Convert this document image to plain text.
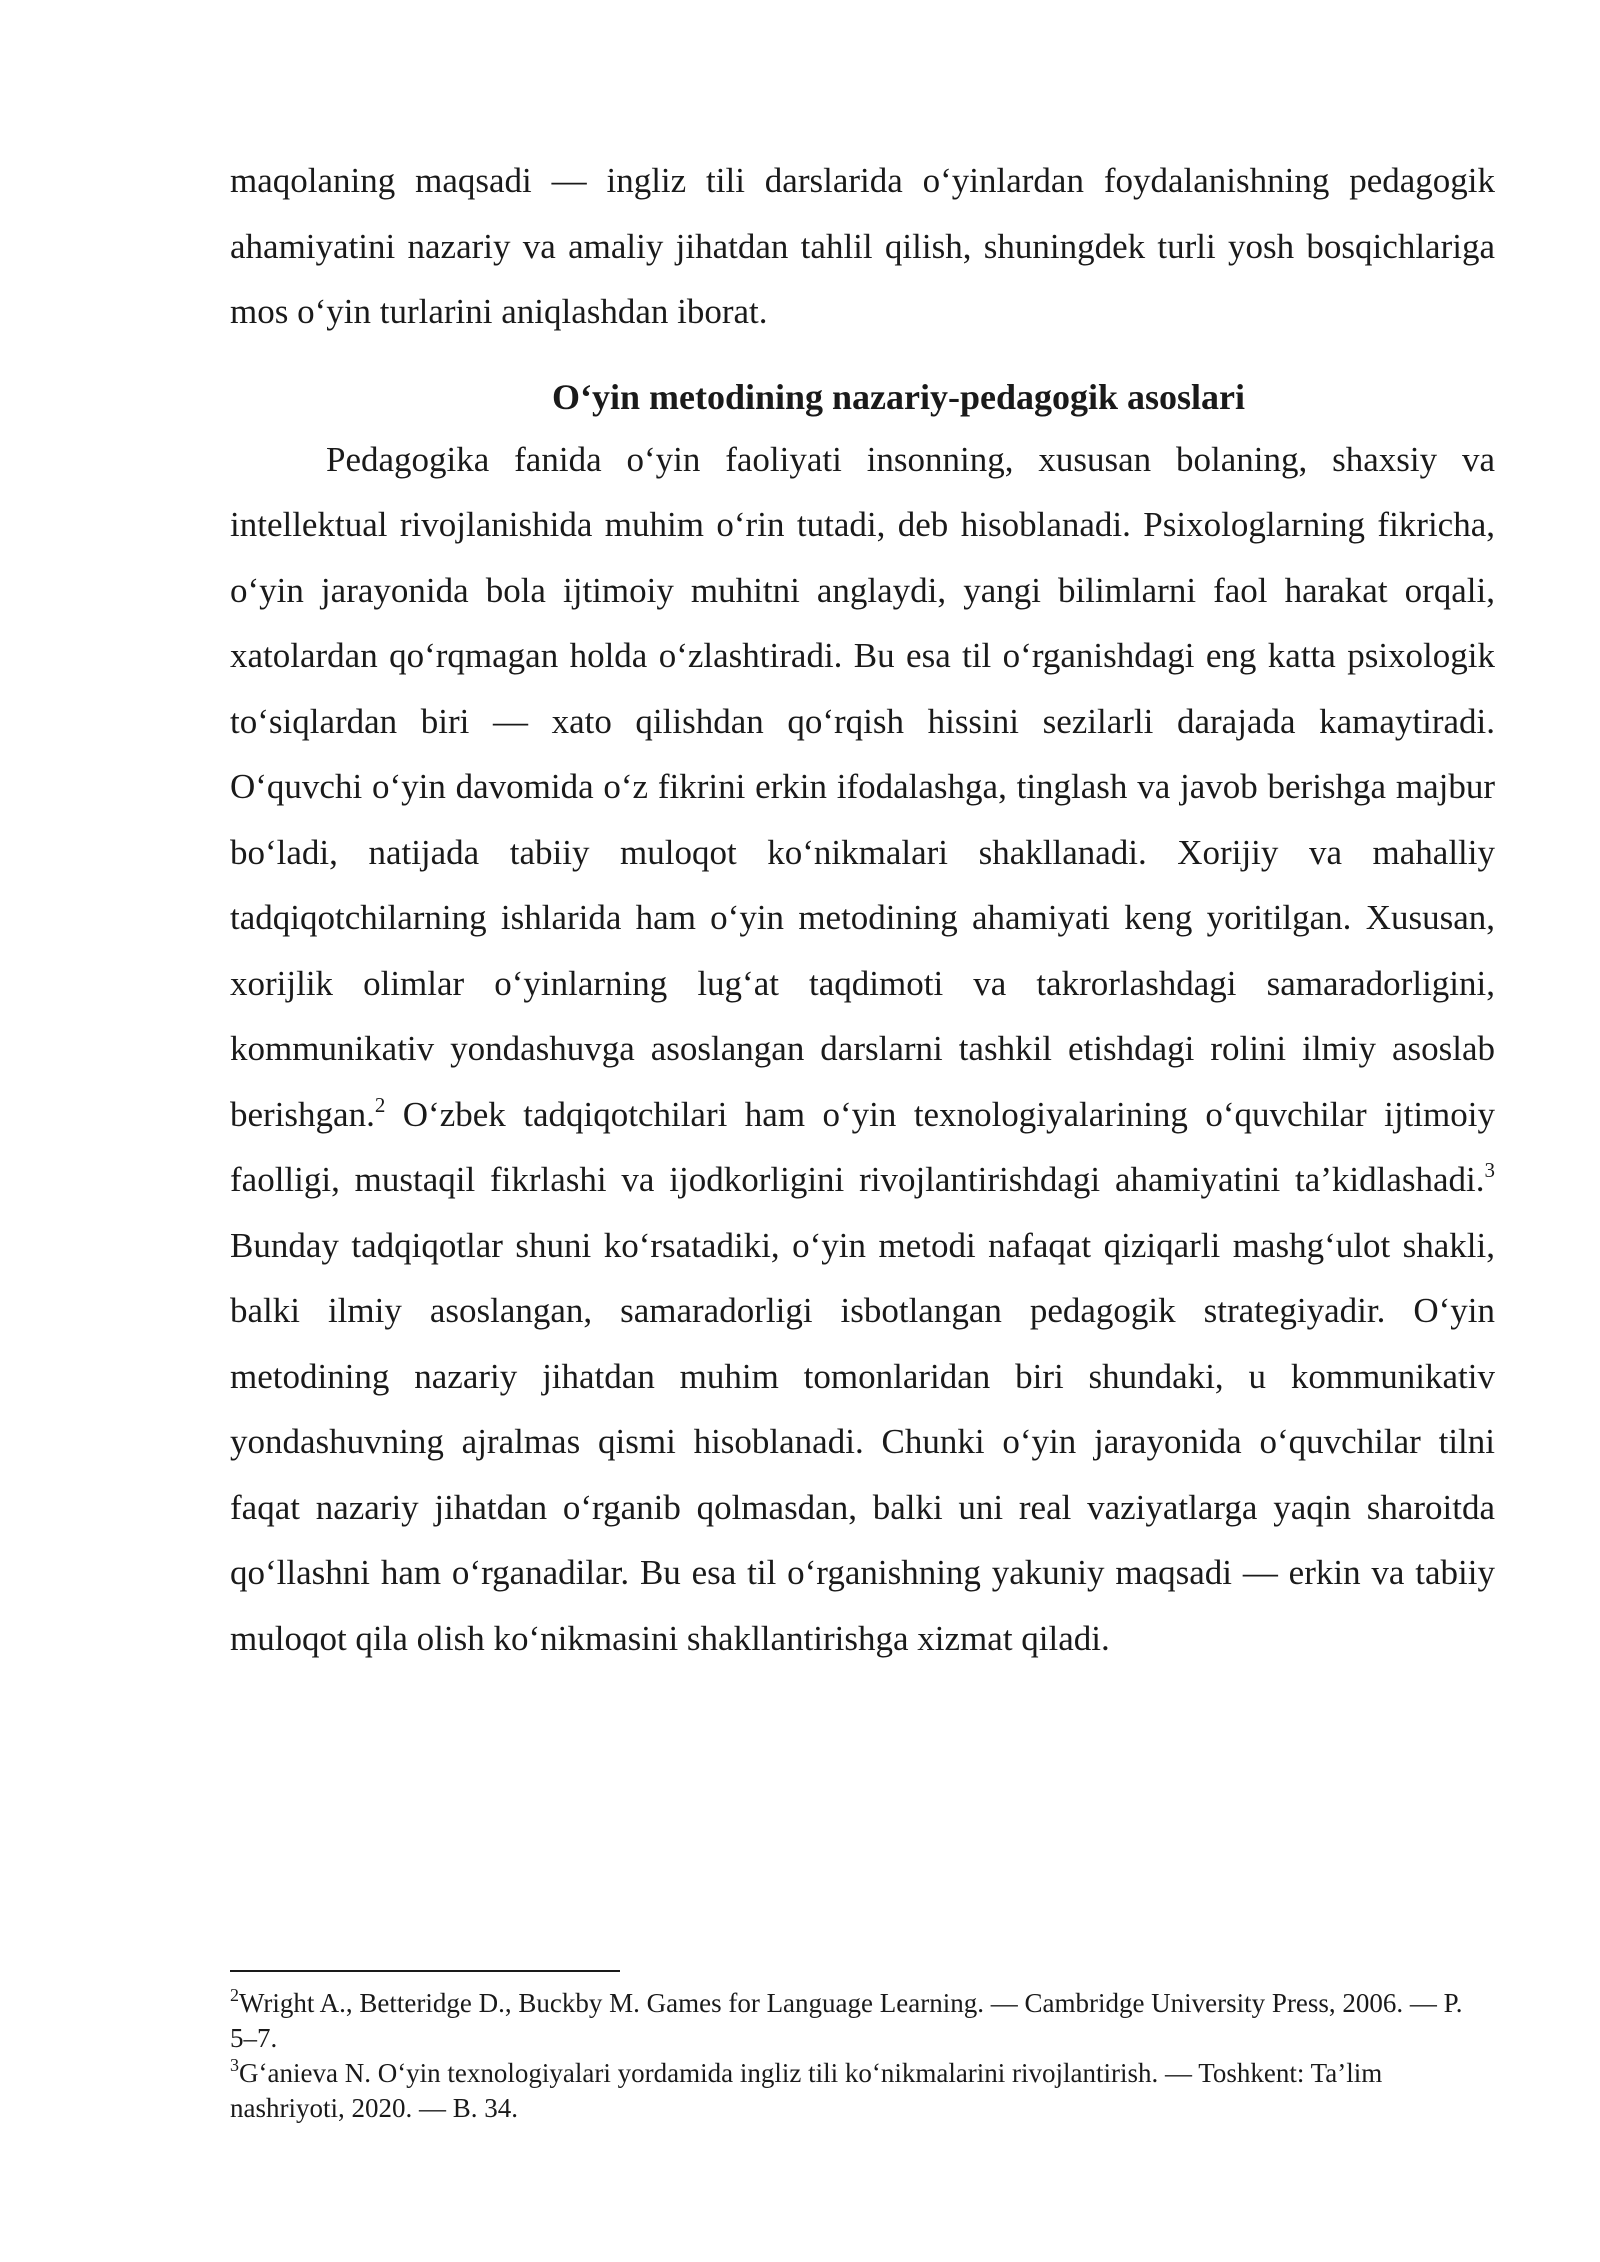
maqolaning maqsadi — ingliz tili darslarida o‘yinlardan foydalanishning pedagogik ahamiyatini nazariy va amaliy jihatdan tahlil qilish, shuningdek turli yosh bosqichlariga mos o‘yin turlarini aniqlashdan iborat.

O‘yin metodining nazariy-pedagogik asoslari

Pedagogika fanida o‘yin faoliyati insonning, xususan bolaning, shaxsiy va intellektual rivojlanishida muhim o‘rin tutadi, deb hisoblanadi. Psixologlarning fikricha, o‘yin jarayonida bola ijtimoiy muhitni anglaydi, yangi bilimlarni faol harakat orqali, xatolardan qo‘rqmagan holda o‘zlashtiradi. Bu esa til o‘rganishdagi eng katta psixologik to‘siqlardan biri — xato qilishdan qo‘rqish hissini sezilarli darajada kamaytiradi. O‘quvchi o‘yin davomida o‘z fikrini erkin ifodalashga, tinglash va javob berishga majbur bo‘ladi, natijada tabiiy muloqot ko‘nikmalari shakllanadi. Xorijiy va mahalliy tadqiqotchilarning ishlarida ham o‘yin metodining ahamiyati keng yoritilgan. Xususan, xorijlik olimlar o‘yinlarning lug‘at taqdimoti va takrorlashdagi samaradorligini, kommunikativ yondashuvga asoslangan darslarni tashkil etishdagi rolini ilmiy asoslab berishgan.$^2$ O‘zbek tadqiqotchilari ham o‘yin texnologiyalarining o‘quvchilar ijtimoiy faolligi, mustaqil fikrlashi va ijodkorligini rivojlantirishdagi ahamiyatini ta’kidlashadi.$^3$ Bunday tadqiqotlar shuni ko‘rsatadiki, o‘yin metodi nafaqat qiziqarli mashg‘ulot shakli, balki ilmiy asoslangan, samaradorligi isbotlangan pedagogik strategiyadir. O‘yin metodining nazariy jihatdan muhim tomonlaridan biri shundaki, u kommunikativ yondashuvning ajralmas qismi hisoblanadi. Chunki o‘yin jarayonida o‘quvchilar tilni faqat nazariy jihatdan o‘rganib qolmasdan, balki uni real vaziyatlarga yaqin sharoitda qo‘llashni ham o‘rganadilar. Bu esa til o‘rganishning yakuniy maqsadi — erkin va tabiiy muloqot qila olish ko‘nikmasini shakllantirishga xizmat qiladi.

$^2$Wright A., Betteridge D., Buckby M. Games for Language Learning. — Cambridge University Press, 2006. — P. 5–7.

$^3$G‘anieva N. O‘yin texnologiyalari yordamida ingliz tili ko‘nikmalarini rivojlantirish. — Toshkent: Ta’lim nashriyoti, 2020. — B. 34.
